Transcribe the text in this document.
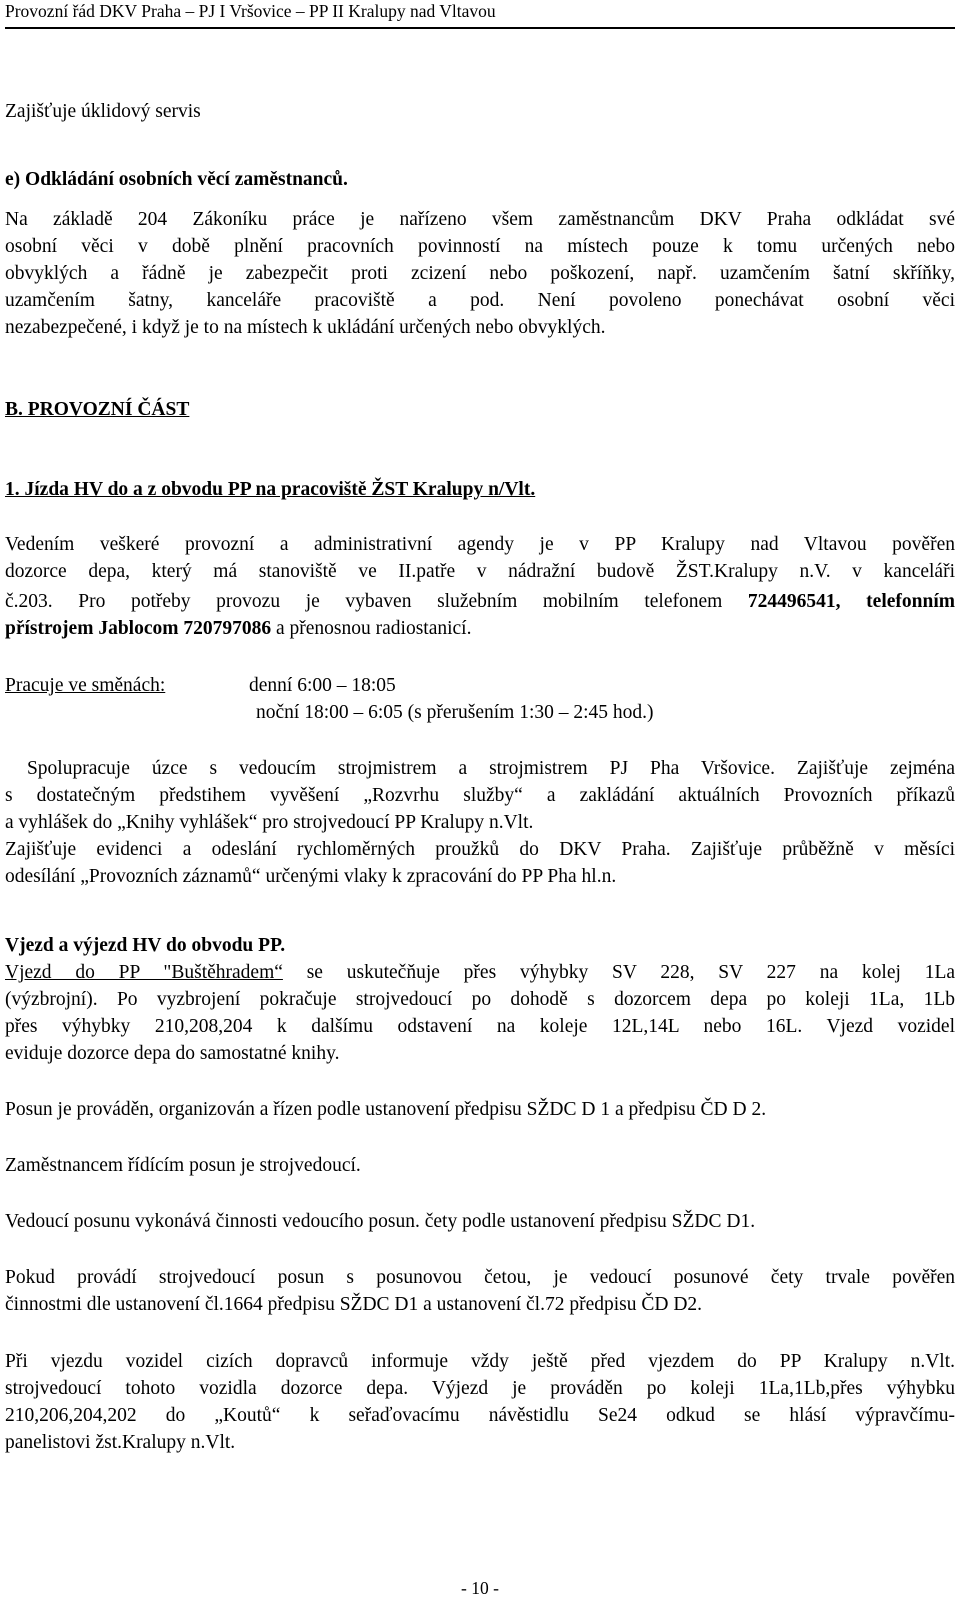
Provozní řád DKV Praha – PJ I Vršovice – PP II Kralupy nad Vltavou
Zajišťuje úklidový servis
e) Odkládání osobních věcí zaměstnanců.
Na základě 204 Zákoníku práce je nařízeno všem zaměstnancům DKV Praha odkládat své
osobní věci v době plnění pracovních povinností na místech pouze k tomu určených nebo
obvyklých a řádně je zabezpečit proti zcizení nebo poškození, např. uzamčením šatní skříňky,
uzamčením šatny, kanceláře pracoviště a pod. Není povoleno ponechávat osobní věci
nezabezpečené, i když je to na místech k ukládání určených nebo obvyklých.
B. PROVOZNÍ ČÁST
1. Jízda HV do a z obvodu PP na pracoviště ŽST Kralupy n/Vlt.
Vedením veškeré provozní a administrativní agendy je v PP Kralupy nad Vltavou pověřen
dozorce depa, který má stanoviště ve II.patře v nádražní budově ŽST.Kralupy n.V. v kanceláři
č.203. Pro potřeby provozu je vybaven služebním mobilním telefonem 724496541, telefonním
přístrojem Jablocom 720797086 a přenosnou radiostanicí.
Pracuje ve směnách:	denní 6:00 – 18:05
noční 18:00 – 6:05 (s přerušením 1:30 – 2:45 hod.)
Spolupracuje úzce s vedoucím strojmistrem a strojmistrem PJ Pha Vršovice. Zajišťuje zejména
s dostatečným předstihem vyvěšení „Rozvrhu služby“ a zakládání aktuálních Provozních příkazů
a vyhlášek do „Knihy vyhlášek“ pro strojvedoucí PP Kralupy n.Vlt.
Zajišťuje evidenci a odeslání rychloměrných proužků do DKV Praha. Zajišťuje průběžně v měsíci
odesílání „Provozních záznamů“ určenými vlaky k zpracování do PP Pha hl.n.
Vjezd a výjezd HV do obvodu PP.
Vjezd do PP "Buštěhradem“ se uskutečňuje přes výhybky SV 228, SV 227 na kolej 1La
(výzbrojní). Po vyzbrojení pokračuje strojvedoucí po dohodě s dozorcem depa po koleji 1La, 1Lb
přes výhybky 210,208,204 k dalšímu odstavení na koleje 12L,14L nebo 16L. Vjezd vozidel
eviduje dozorce depa do samostatné knihy.
Posun je prováděn, organizován a řízen podle ustanovení předpisu SŽDC D 1 a předpisu ČD D 2.
Zaměstnancem řídícím posun je strojvedoucí.
Vedoucí posunu vykonává činnosti vedoucího posun. čety podle ustanovení předpisu SŽDC D1.
Pokud provádí strojvedoucí posun s posunovou četou, je vedoucí posunové čety trvale pověřen
činnostmi dle ustanovení čl.1664 předpisu SŽDC D1 a ustanovení čl.72 předpisu ČD D2.
Při vjezdu vozidel cizích dopravců informuje vždy ještě před vjezdem do PP Kralupy n.Vlt.
strojvedoucí tohoto vozidla dozorce depa. Výjezd je prováděn po koleji 1La,1Lb,přes výhybku
210,206,204,202 do „Koutů“ k seřaďovacímu návěstidlu Se24 odkud se hlásí výpravčímu-
panelistovi žst.Kralupy n.Vlt.
- 10 -
